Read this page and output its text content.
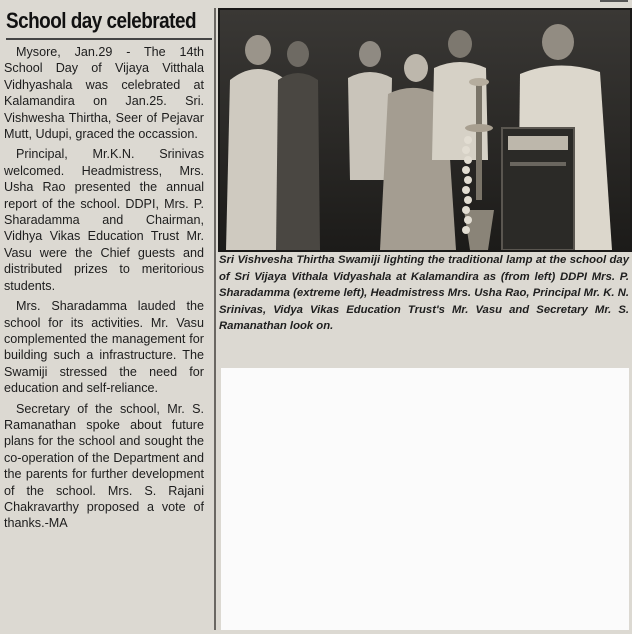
School day celebrated

Mysore, Jan.29 - The 14th School Day of Vijaya Vitthala Vidhyashala was celebrated at Kalamandira on Jan.25. Sri. Vishwesha Thirtha, Seer of Pejavar Mutt, Udupi, graced the occassion.

Principal, Mr.K.N. Srinivas welcomed. Headmistress, Mrs. Usha Rao presented the annual report of the school. DDPI, Mrs. P. Sharadamma and Chairman, Vidhya Vikas Education Trust Mr. Vasu were the Chief guests and distributed prizes to meritorious students.

Mrs. Sharadamma lauded the school for its activities. Mr. Vasu complemented the management for building such a infrastructure. The Swamiji stressed the need for education and self-reliance.

Secretary of the school, Mr. S. Ramanathan spoke about future plans for the school and sought the co-operation of the Department and the parents for further development of the school. Mrs. S. Rajani Chakravarthy proposed a vote of thanks.-MA

Sri Vishvesha Thirtha Swamiji lighting the traditional lamp at the school day of Sri Vijaya Vithala Vidyashala at Kalamandira as (from left) DDPI Mrs. P. Sharadamma (extreme left), Headmistress Mrs. Usha Rao, Principal Mr. K. N. Srinivas, Vidya Vikas Education Trust's Mr. Vasu and Secretary Mr. S. Ramanathan look on.
